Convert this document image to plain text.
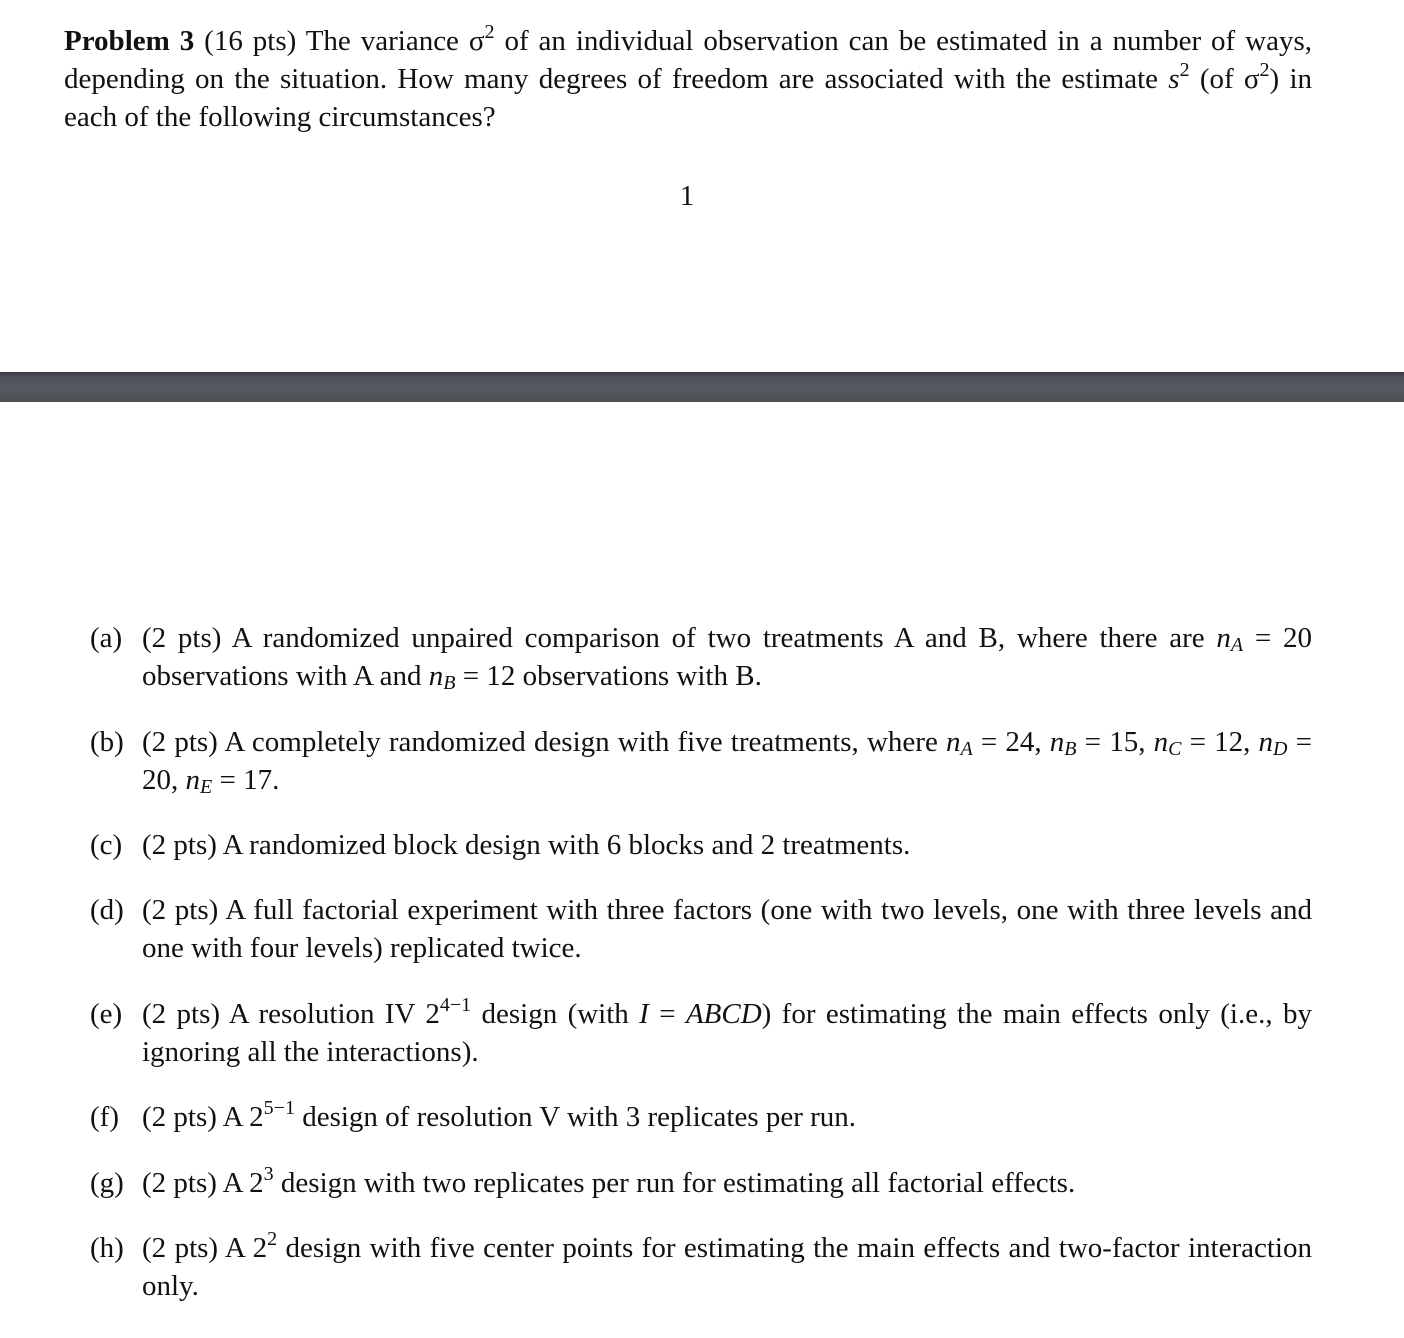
Problem 3 (16 pts) The variance $\sigma^2$ of an individual observation can be estimated in a number of ways, depending on the situation. How many degrees of freedom are associated with the estimate $s^2$ (of $\sigma^2$) in each of the following circumstances?
1
(a) (2 pts) A randomized unpaired comparison of two treatments A and B, where there are $n_A = 20$ observations with A and $n_B = 12$ observations with B.
(b) (2 pts) A completely randomized design with five treatments, where $n_A = 24$, $n_B = 15$, $n_C = 12$, $n_D = 20$, $n_E = 17$.
(c) (2 pts) A randomized block design with 6 blocks and 2 treatments.
(d) (2 pts) A full factorial experiment with three factors (one with two levels, one with three levels and one with four levels) replicated twice.
(e) (2 pts) A resolution IV $2^{4-1}$ design (with I = ABCD) for estimating the main effects only (i.e., by ignoring all the interactions).
(f) (2 pts) A $2^{5-1}$ design of resolution V with 3 replicates per run.
(g) (2 pts) A $2^3$ design with two replicates per run for estimating all factorial effects.
(h) (2 pts) A $2^2$ design with five center points for estimating the main effects and two-factor interaction only.
